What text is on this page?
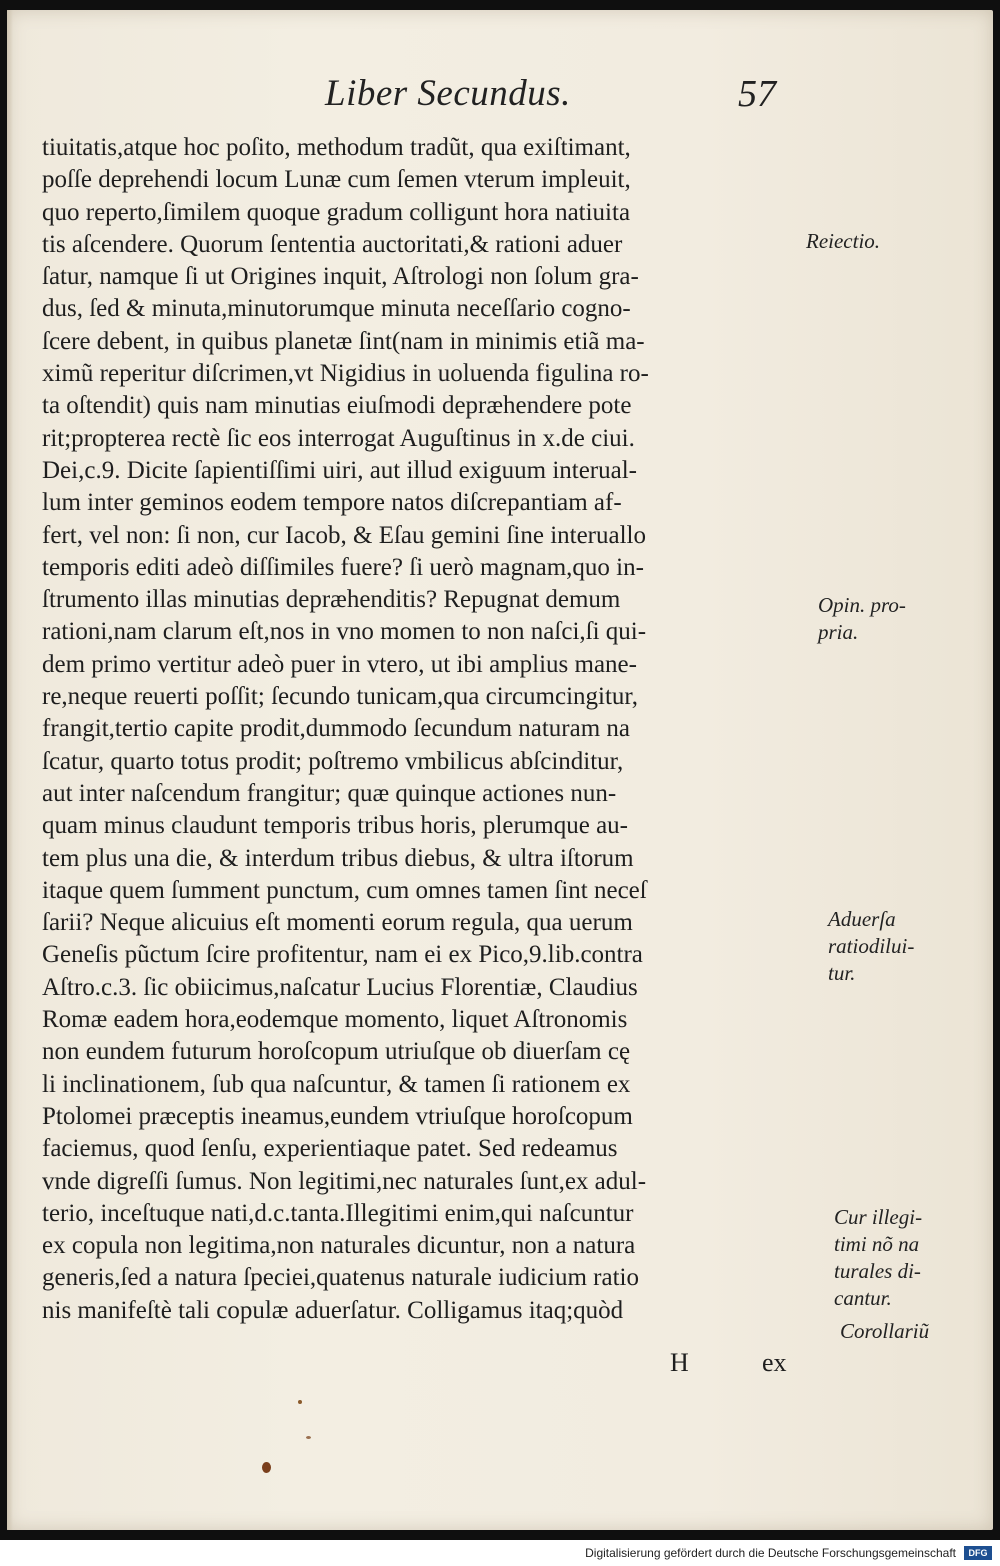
Liber Secundus.	57
tiuitatis,atque hoc poſito, methodum tradũt, qua exiſtimant,
poſſe deprehendi locum Lunæ cum ſemen vterum impleuit,
quo reperto,ſimilem quoque gradum colligunt hora natiuita
tis aſcendere. Quorum ſententia auctoritati,& rationi aduer
ſatur, namque ſi ut Origines inquit, Aſtrologi non ſolum gra-
dus, ſed & minuta,minutorumque minuta neceſſario cogno-
ſcere debent, in quibus planetæ ſint(nam in minimis etiã ma-
ximũ reperitur diſcrimen,vt Nigidius in uoluenda figulina ro-
ta oſtendit) quis nam minutias eiuſmodi depræhendere pote
rit;propterea rectè ſic eos interrogat Auguſtinus in x.de ciui.
Dei,c.9. Dicite ſapientiſſimi uiri, aut illud exiguum interual-
lum inter geminos eodem tempore natos diſcrepantiam af-
fert, vel non: ſi non, cur Iacob, & Eſau gemini ſine interuallo
temporis editi adeò diſſimiles fuere? ſi uerò magnam,quo in-
ſtrumento illas minutias depræhenditis? Repugnat demum
rationi,nam clarum eſt,nos in vno momen to non naſci,ſi qui-
dem primo vertitur adeò puer in vtero, ut ibi amplius mane-
re,neque reuerti poſſit; ſecundo tunicam,qua circumcingitur,
frangit,tertio capite prodit,dummodo ſecundum naturam na
ſcatur, quarto totus prodit; poſtremo vmbilicus abſcinditur,
aut inter naſcendum frangitur; quæ quinque actiones nun-
quam minus claudunt temporis tribus horis, plerumque au-
tem plus una die, & interdum tribus diebus, & ultra iſtorum
itaque quem ſumment punctum, cum omnes tamen ſint neceſ
ſarii? Neque alicuius eſt momenti eorum regula, qua uerum
Geneſis pũctum ſcire profitentur, nam ei ex Pico,9.lib.contra
Aſtro.c.3. ſic obiicimus,naſcatur Lucius Florentiæ, Claudius
Romæ eadem hora,eodemque momento, liquet Aſtronomis
non eundem futurum horoſcopum utriuſque ob diuerſam cę
li inclinationem, ſub qua naſcuntur, & tamen ſi rationem ex
Ptolomei præceptis ineamus,eundem vtriuſque horoſcopum
faciemus, quod ſenſu, experientiaque patet. Sed redeamus
vnde digreſſi ſumus. Non legitimi,nec naturales ſunt,ex adul-
terio, inceſtuque nati,d.c.tanta.Illegitimi enim,qui naſcuntur
ex copula non legitima,non naturales dicuntur, non a natura
generis,ſed a natura ſpeciei,quatenus naturale iudicium ratio
nis manifeſtè tali copulæ aduerſatur. Colligamus itaq;quòd
Reiectio.
Opin. pro-
pria.
Aduerſa
ratiodilui-
tur.
Cur illegi-
timi nõ na
turales di-
cantur.
Corollariũ
H	ex
Digitalisierung gefördert durch die Deutsche Forschungsgemeinschaft	DFG
